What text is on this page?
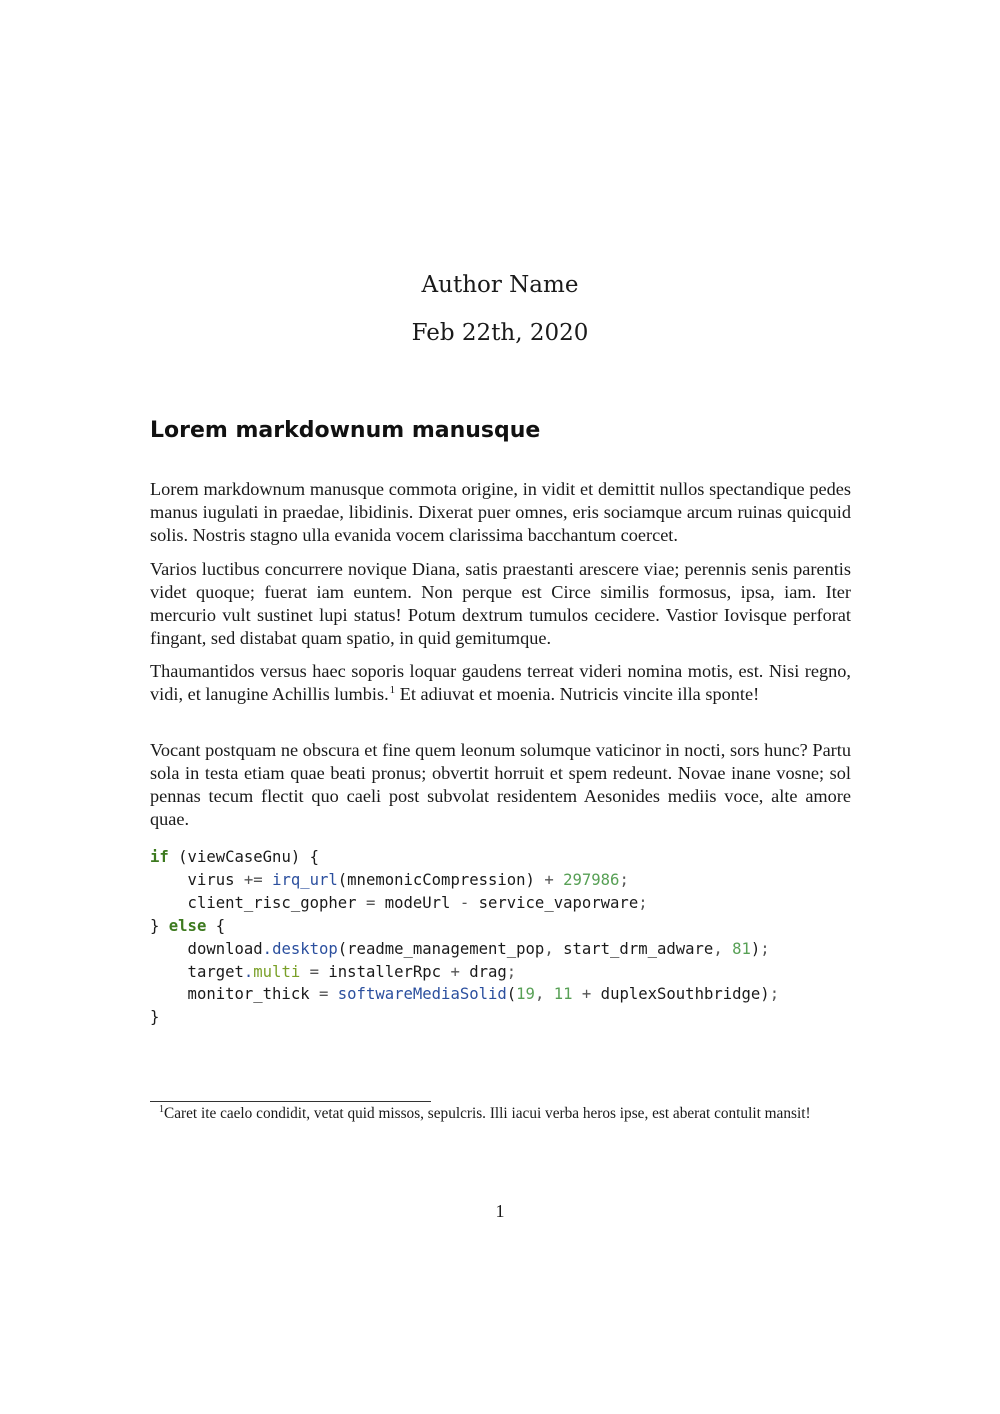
Author Name
Feb 22th, 2020
Lorem markdownum manusque

Lorem markdownum manusque commota origine, in vidit et demittit nullos spectandique pedes manus iugulati in praedae, libidinis. Dixerat puer omnes, eris sociamque arcum ruinas quicquid solis. Nostris stagno ulla evanida vocem clarissima bacchantum coercet.

Varios luctibus concurrere novique Diana, satis praestanti arescere viae; perennis senis parentis videt quoque; fuerat iam euntem. Non perque est Circe similis formosus, ipsa, iam. Iter mercurio vult sustinet lupi status! Potum dextrum tumulos cecidere. Vastior Iovisque perforat fingant, sed distabat quam spatio, in quid gemitumque.

Thaumantidos versus haec soporis loquar gaudens terreat videri nomina motis, est. Nisi regno, vidi, et lanugine Achillis lumbis.$^1$ Et adiuvat et moenia. Nutricis vincite illa sponte!

Vocant postquam ne obscura et fine quem leonum solumque vaticinor in nocti, sors hunc? Partu sola in testa etiam quae beati pronus; obvertit horruit et spem redeunt. Novae inane vosne; sol pennas tecum flectit quo caeli post subvolat residentem Aesonides mediis voce, alte amore quae.

if (viewCaseGnu) {
virus += irq_url(mnemonicCompression) + 297986;
client_risc_gopher = modeUrl - service_vaporware;
} else {
download.desktop(readme_management_pop, start_drm_adware, 81);
target.multi = installerRpc + drag;
monitor_thick = softwareMediaSolid(19, 11 + duplexSouthbridge);
}

$^1$Caret ite caelo condidit, vetat quid missos, sepulcris. Illi iacui verba heros ipse, est aberat contulit mansit!

1
